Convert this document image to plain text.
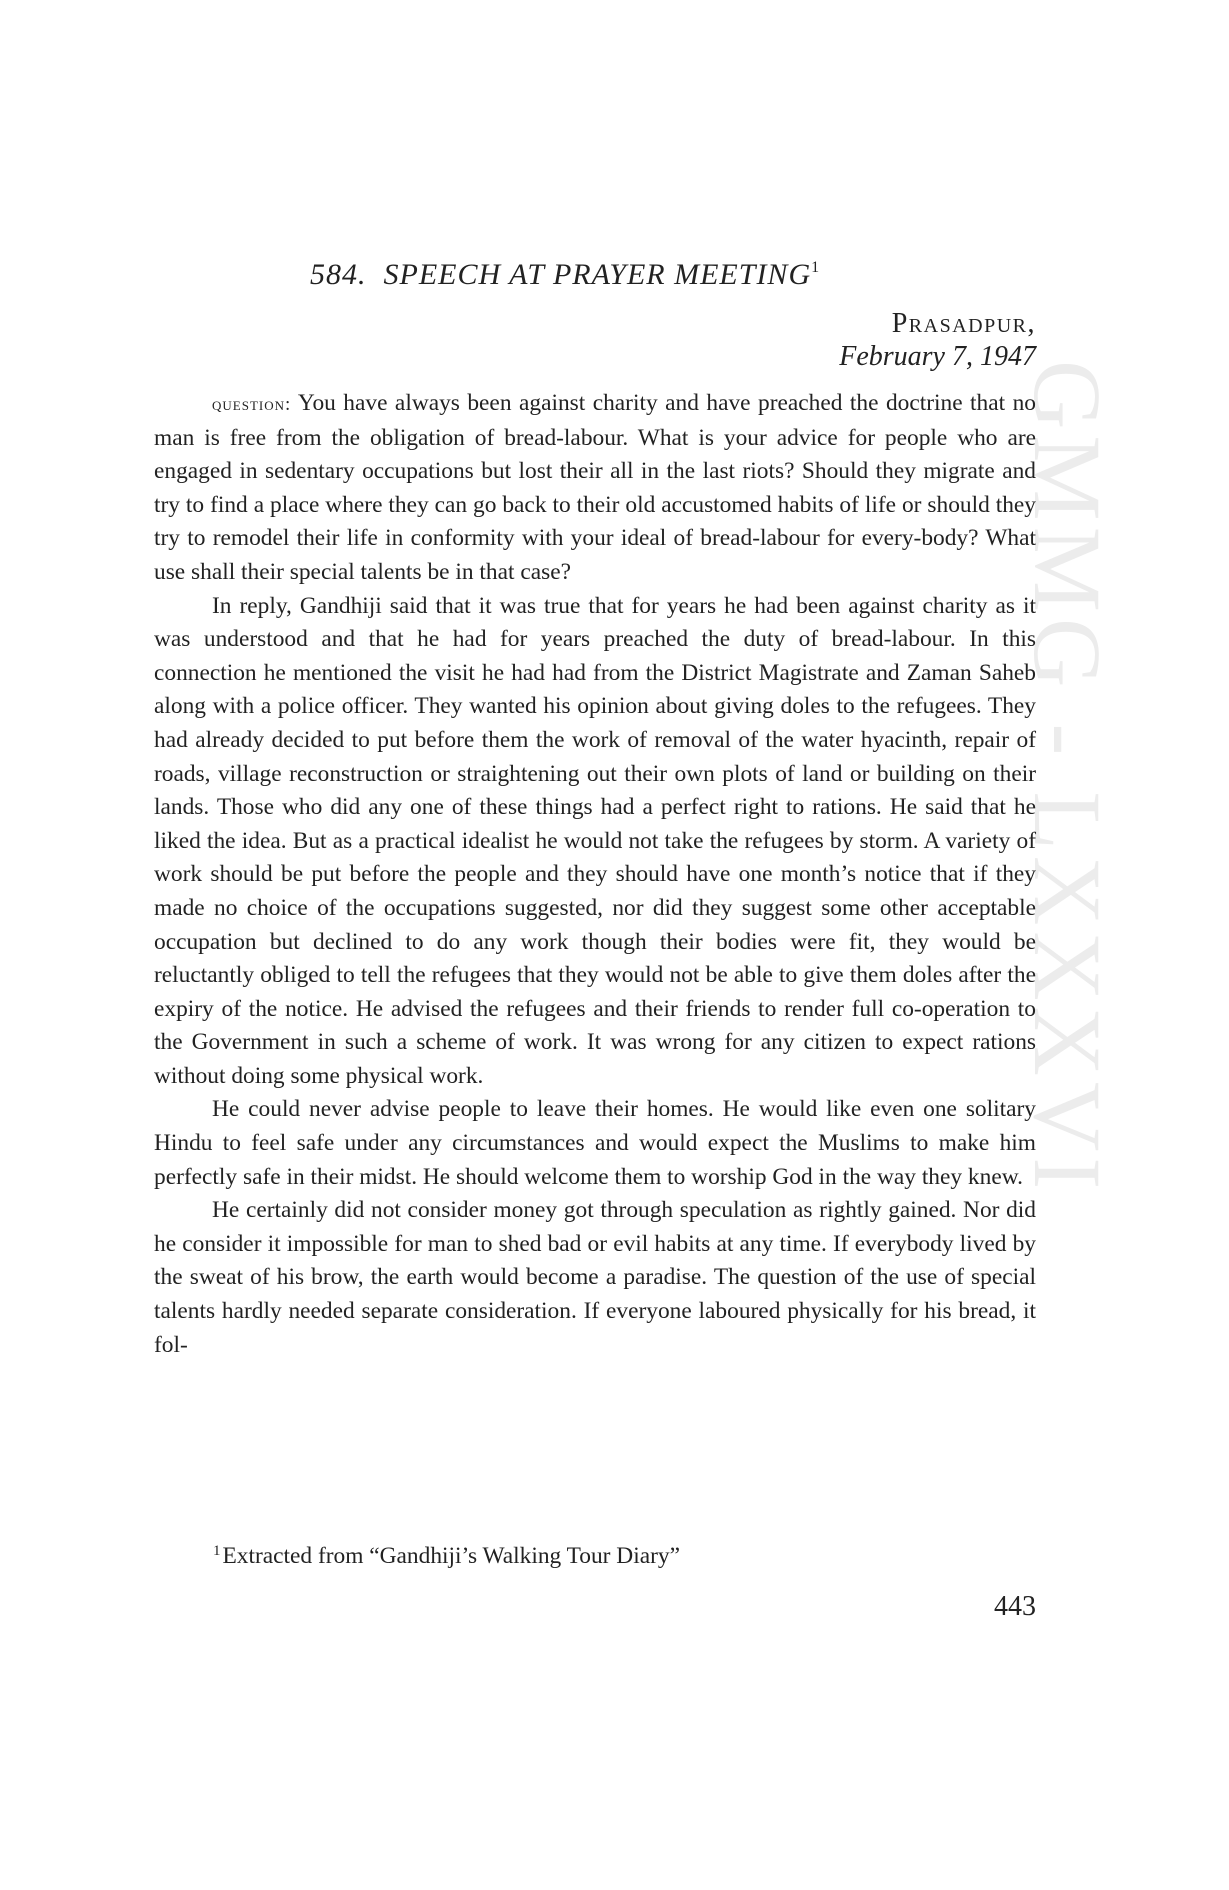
GMMG - LXXXVI
584. SPEECH AT PRAYER MEETING$^1$
Prasadpur,
February 7, 1947

question: You have always been against charity and have preached the doctrine that no man is free from the obligation of bread-labour. What is your advice for people who are engaged in sedentary occupations but lost their all in the last riots? Should they migrate and try to find a place where they can go back to their old accustomed habits of life or should they try to remodel their life in conformity with your ideal of bread-labour for every-body? What use shall their special talents be in that case?

In reply, Gandhiji said that it was true that for years he had been against charity as it was understood and that he had for years preached the duty of bread-labour. In this connection he mentioned the visit he had had from the District Magistrate and Zaman Saheb along with a police officer. They wanted his opinion about giving doles to the refugees. They had already decided to put before them the work of removal of the water hyacinth, repair of roads, village reconstruction or straightening out their own plots of land or building on their lands. Those who did any one of these things had a perfect right to rations. He said that he liked the idea. But as a practical idealist he would not take the refugees by storm. A variety of work should be put before the people and they should have one month’s notice that if they made no choice of the occupations suggested, nor did they suggest some other acceptable occupation but declined to do any work though their bodies were fit, they would be reluctantly obliged to tell the refugees that they would not be able to give them doles after the expiry of the notice. He advised the refugees and their friends to render full co-operation to the Government in such a scheme of work. It was wrong for any citizen to expect rations without doing some physical work.

He could never advise people to leave their homes. He would like even one solitary Hindu to feel safe under any circumstances and would expect the Muslims to make him perfectly safe in their midst. He should welcome them to worship God in the way they knew.

He certainly did not consider money got through speculation as rightly gained. Nor did he consider it impossible for man to shed bad or evil habits at any time. If everybody lived by the sweat of his brow, the earth would become a paradise. The question of the use of special talents hardly needed separate consideration. If everyone laboured physically for his bread, it fol-

$^1$Extracted from “Gandhiji’s Walking Tour Diary”
443
